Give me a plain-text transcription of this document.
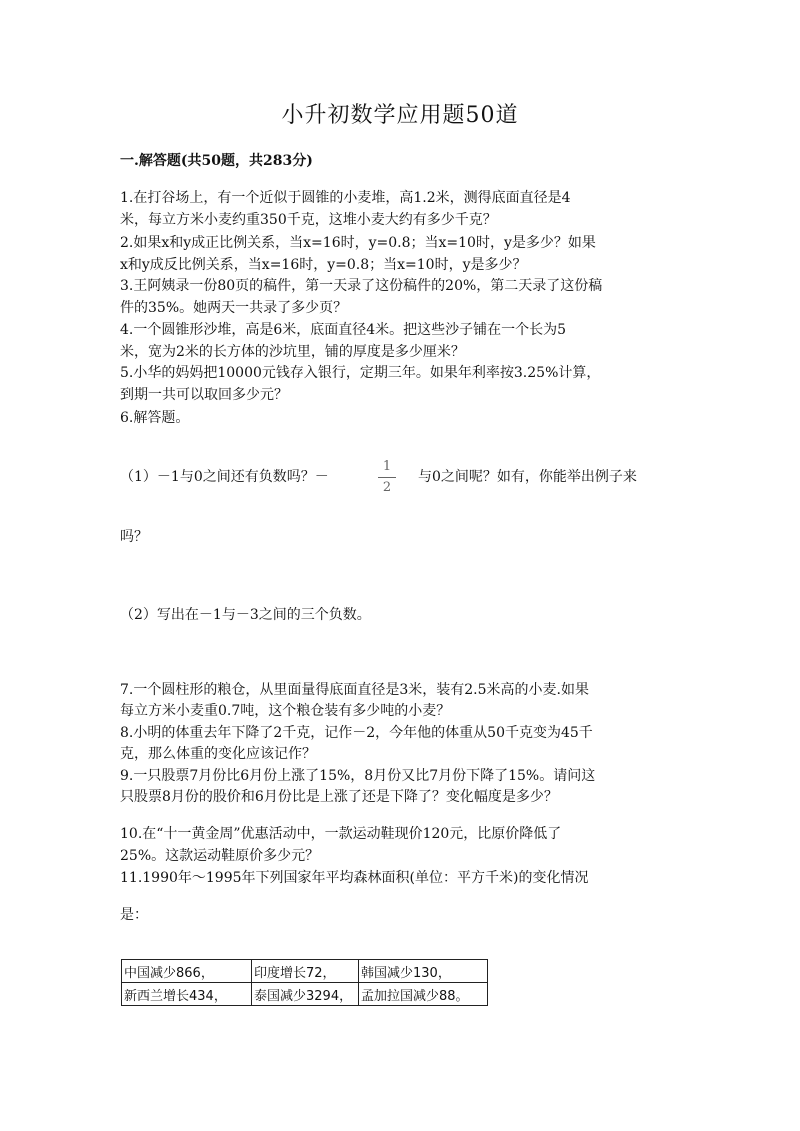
小升初数学应用题50道
一.解答题(共50题，共283分)
1.在打谷场上，有一个近似于圆锥的小麦堆，高1.2米，测得底面直径是4
米，每立方米小麦约重350千克，这堆小麦大约有多少千克？
2.如果x和y成正比例关系，当x=16时，y=0.8；当x=10时，y是多少？如果
x和y成反比例关系，当x=16时，y=0.8；当x=10时，y是多少？
3.王阿姨录一份80页的稿件，第一天录了这份稿件的20%，第二天录了这份稿
件的35%。她两天一共录了多少页？
4.一个圆锥形沙堆，高是6米，底面直径4米。把这些沙子铺在一个长为5
米，宽为2米的长方体的沙坑里，铺的厚度是多少厘米？
5.小华的妈妈把10000元钱存入银行，定期三年。如果年利率按3.25%计算，
到期一共可以取回多少元？
6.解答题。
（1）－1与0之间还有负数吗？－
1
2
与0之间呢？如有，你能举出例子来
吗？
（2）写出在－1与－3之间的三个负数。
7.一个圆柱形的粮仓，从里面量得底面直径是3米，装有2.5米高的小麦.如果
每立方米小麦重0.7吨，这个粮仓装有多少吨的小麦？
8.小明的体重去年下降了2千克，记作－2，今年他的体重从50千克变为45千
克，那么体重的变化应该记作？
9.一只股票7月份比6月份上涨了15%，8月份又比7月份下降了15%。请问这
只股票8月份的股价和6月份比是上涨了还是下降了？变化幅度是多少？
10.在“十一黄金周”优惠活动中，一款运动鞋现价120元，比原价降低了
25%。这款运动鞋原价多少元？
11.1990年～1995年下列国家年平均森林面积(单位：平方千米)的变化情况
是：
中国减少866，	印度增长72，	韩国减少130，
新西兰增长434，	泰国减少3294，	孟加拉国减少88。
